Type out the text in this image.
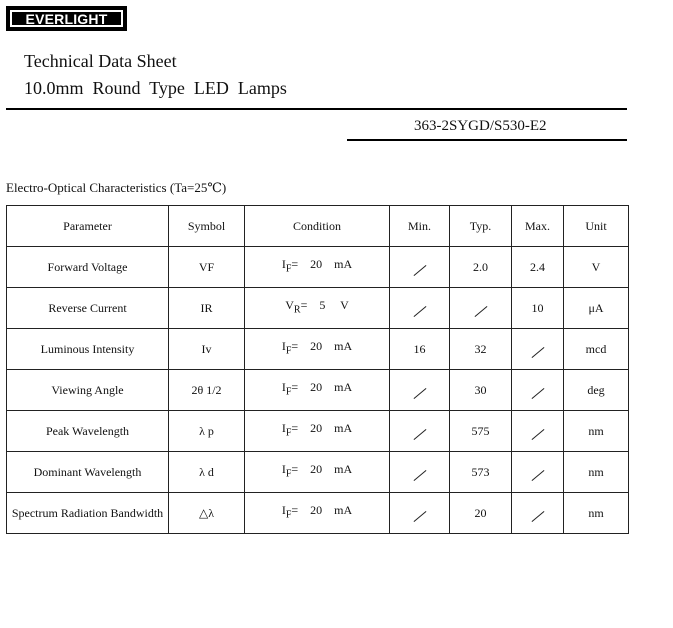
EVERLIGHT
Technical Data Sheet
10.0mm  Round  Type  LED  Lamps
363-2SYGD/S530-E2
Electro-Optical Characteristics (Ta=25℃)
Parameter	Symbol	Condition	Min.	Typ.	Max.	Unit
Forward Voltage	VF	$I_F=$    20    mA		2.0	2.4	V
Reverse Current	IR	$V_R=$    5     V			10	μA
Luminous Intensity	Iv	$I_F=$    20    mA	16	32		mcd
Viewing Angle	2θ 1/2	$I_F=$    20    mA		30		deg
Peak Wavelength	λ p	$I_F=$    20    mA		575		nm
Dominant Wavelength	λ d	$I_F=$    20    mA		573		nm
Spectrum Radiation Bandwidth	△λ	$I_F=$    20    mA		20		nm
